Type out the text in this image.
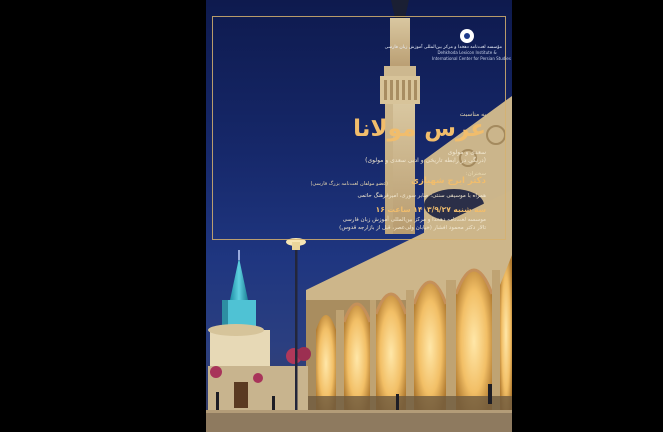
مؤسسه لغت‌نامه دهخدا و مرکز بین‌المللی آموزش زبان فارسی
Dehkhoda Lexicon Institute &
International Center for Persian Studies
به مناسبت
عرس مولانا
سعدی و مولوی
(درنگی در رابطه تاریخی و ادبی سعدی و مولوی)
سخنران:
دکتر ایرج شهبازی
(عضو مولفان لغت‌نامه بزرگ فارسی)
همراه با موسیقی سنتی: صابر سوری، امیرفرهنگ حاتمی
سه شنبه ۱۴۰۳/۹/۲۷ ساعت ۱۶
موسسه لغت‌نامه دهخدا و مرکز بین‌المللی آموزش زبان فارسی
تالار دکتر محمود افشار (خیابان ولی‌عصر، قبل از بازارجه قدوس)
